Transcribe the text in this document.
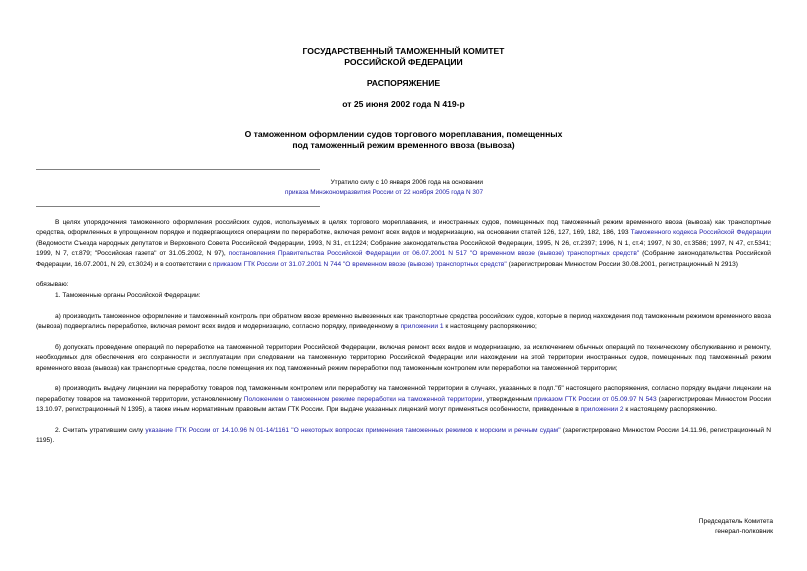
ГОСУДАРСТВЕННЫЙ ТАМОЖЕННЫЙ КОМИТЕТ
РОССИЙСКОЙ ФЕДЕРАЦИИ
РАСПОРЯЖЕНИЕ
от 25 июня 2002 года N 419-р
О таможенном оформлении судов торгового мореплавания, помещенных
под таможенный режим временного ввоза (вывоза)
Утратило силу с 10 января 2006 года на основании
приказа Минэкономразвития России от 22 ноября 2005 года N 307

В целях упорядочения таможенного оформления российских судов, используемых в целях торгового мореплавания, и иностранных судов, помещенных под таможенный режим временного ввоза (вывоза) как транспортные средства, оформленных в упрощенном порядке и подвергающихся операциям по переработке, включая ремонт всех видов и модернизацию, на основании статей 126, 127, 169, 182, 186, 193 Таможенного кодекса Российской Федерации (Ведомости Съезда народных депутатов и Верховного Совета Российской Федерации, 1993, N 31, ст.1224; Собрание законодательства Российской Федерации, 1995, N 26, ст.2397; 1996, N 1, ст.4; 1997, N 30, ст.3586; 1997, N 47, ст.5341; 1999, N 7, ст.879; "Российская газета" от 31.05.2002, N 97), постановления Правительства Российской Федерации от 06.07.2001 N 517 "О временном ввозе (вывозе) транспортных средств" (Собрание законодательства Российской Федерации, 16.07.2001, N 29, ст.3024) и в соответствии с приказом ГТК России от 31.07.2001 N 744 "О временном ввозе (вывозе) транспортных средств" (зарегистрирован Минюстом России 30.08.2001, регистрационный N 2913)

обязываю:

1. Таможенные органы Российской Федерации:

а) производить таможенное оформление и таможенный контроль при обратном ввозе временно вывезенных как транспортные средства российских судов, которые в период нахождения под таможенным режимом временного ввоза (вывоза) подвергались переработке, включая ремонт всех видов и модернизацию, согласно порядку, приведенному в приложении 1 к настоящему распоряжению;

б) допускать проведение операций по переработке на таможенной территории Российской Федерации, включая ремонт всех видов и модернизацию, за исключением обычных операций по техническому обслуживанию и ремонту, необходимых для обеспечения его сохранности и эксплуатации при следовании на таможенную территорию Российской Федерации или нахождении на этой территории иностранных судов, помещенных под таможенный режим временного ввоза (вывоза) как транспортные средства, после помещения их под таможенный режим переработки под таможенным контролем или переработки на таможенной территории;

в) производить выдачу лицензии на переработку товаров под таможенным контролем или переработку на таможенной территории в случаях, указанных в подп."б" настоящего распоряжения, согласно порядку выдачи лицензии на переработку товаров на таможенной территории, установленному Положением о таможенном режиме переработки на таможенной территории, утвержденным приказом ГТК России от 05.09.97 N 543 (зарегистрирован Минюстом России 13.10.97, регистрационный N 1395), а также иным нормативным правовым актам ГТК России. При выдаче указанных лицензий могут применяться особенности, приведенные в приложении 2 к настоящему распоряжению.

2. Считать утратившим силу указание ГТК России от 14.10.96 N 01-14/1161 "О некоторых вопросах применения таможенных режимов к морским и речным судам" (зарегистрировано Минюстом России 14.11.96, регистрационный N 1195).

Председатель Комитета
генерал-полковник
